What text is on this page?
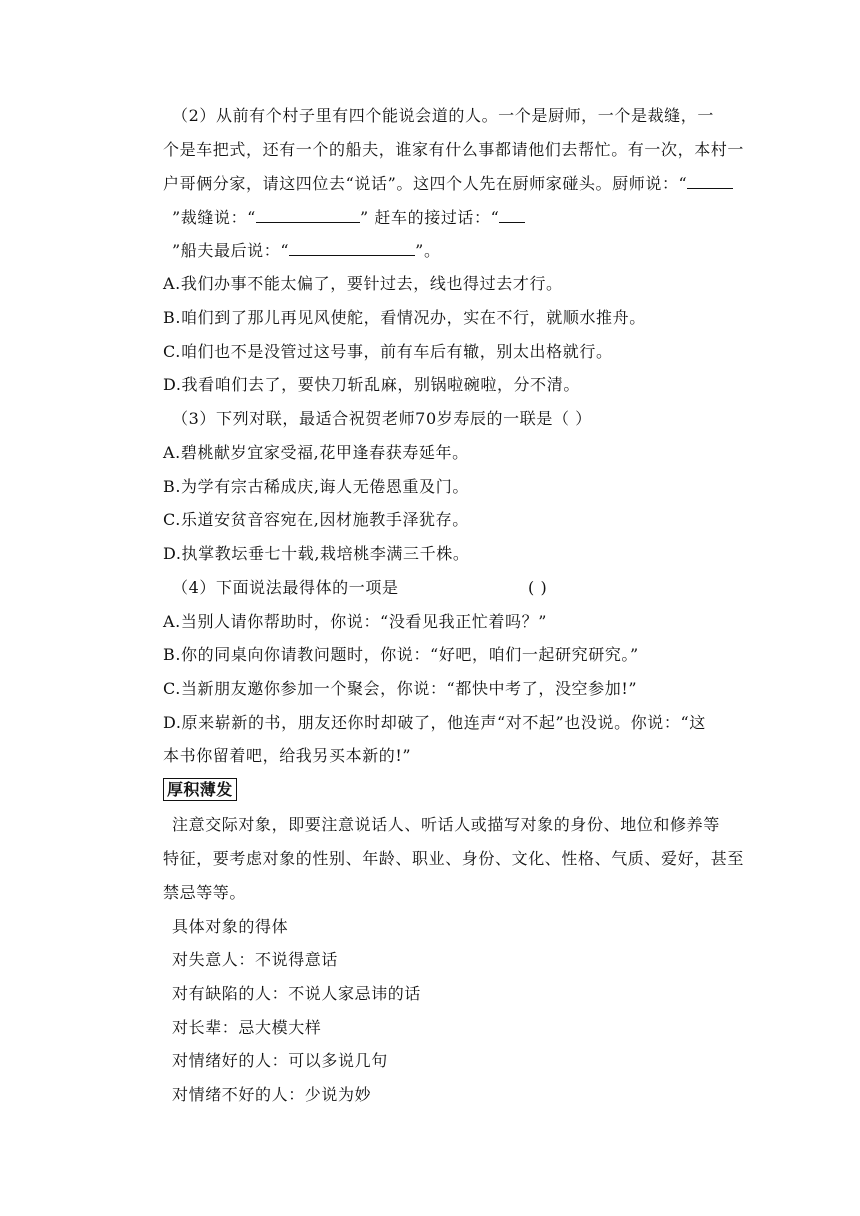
（2）从前有个村子里有四个能说会道的人。一个是厨师，一个是裁缝，一
个是车把式，还有一个的船夫，谁家有什么事都请他们去帮忙。有一次，本村一
户哥俩分家，请这四位去“说话”。这四个人先在厨师家碰头。厨师说：“
”裁缝说：“	” 赶车的接过话：“
”船夫最后说：“	”。
A.我们办事不能太偏了，要针过去，线也得过去才行。
B.咱们到了那儿再见风使舵，看情况办，实在不行，就顺水推舟。
C.咱们也不是没管过这号事，前有车后有辙，别太出格就行。
D.我看咱们去了，要快刀斩乱麻，别锅啦碗啦，分不清。
（3）下列对联，最适合祝贺老师70岁寿辰的一联是（ ）
A.碧桃献岁宜家受福,花甲逢春获寿延年。
B.为学有宗古稀成庆,诲人无倦恩重及门。
C.乐道安贫音容宛在,因材施教手泽犹存。
D.执掌教坛垂七十载,栽培桃李满三千株。
（4）下面说法最得体的一项是	( )
A.当别人请你帮助时，你说：“没看见我正忙着吗？”
B.你的同桌向你请教问题时，你说：“好吧，咱们一起研究研究。”
C.当新朋友邀你参加一个聚会，你说：“都快中考了，没空参加!”
D.原来崭新的书，朋友还你时却破了，他连声“对不起”也没说。你说：“这
本书你留着吧，给我另买本新的!”
厚积薄发
注意交际对象，即要注意说话人、听话人或描写对象的身份、地位和修养等
特征，要考虑对象的性别、年龄、职业、身份、文化、性格、气质、爱好，甚至
禁忌等等。
具体对象的得体
对失意人：不说得意话
对有缺陷的人：不说人家忌讳的话
对长辈：忌大模大样
对情绪好的人：可以多说几句
对情绪不好的人：少说为妙
